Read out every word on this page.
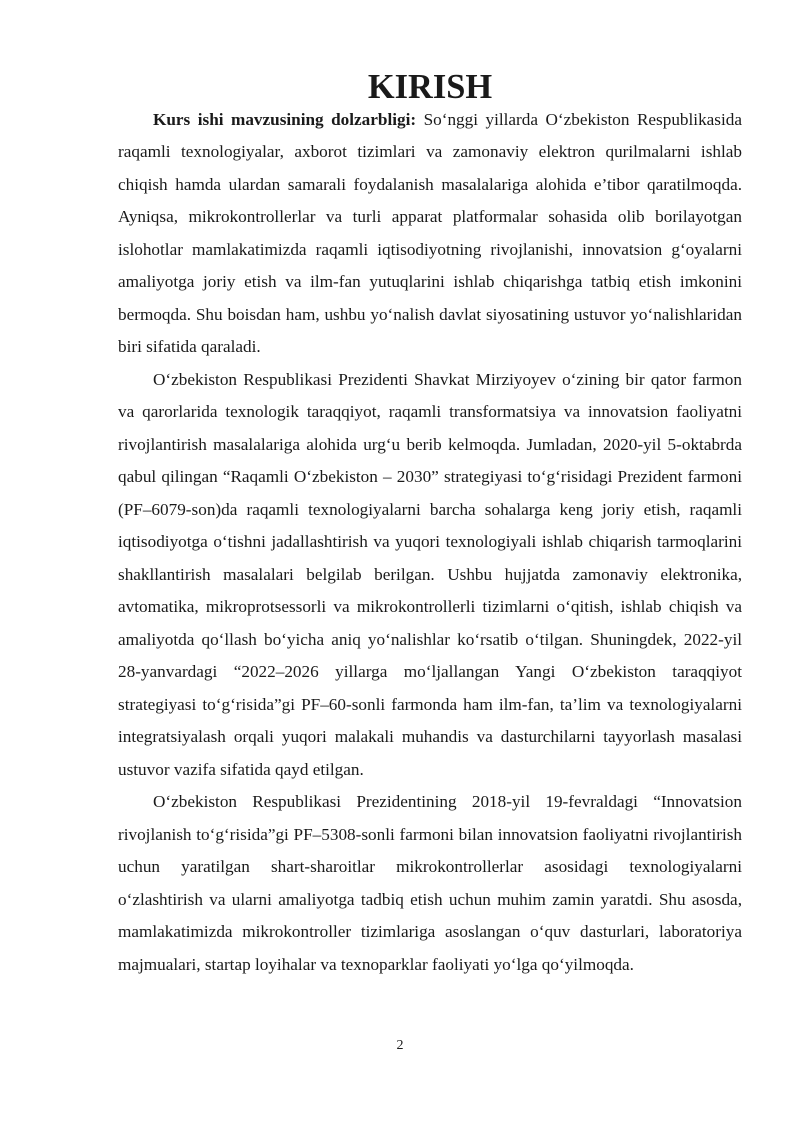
KIRISH

Kurs ishi mavzusining dolzarbligi: So‘nggi yillarda O‘zbekiston Respublikasida raqamli texnologiyalar, axborot tizimlari va zamonaviy elektron qurilmalarni ishlab chiqish hamda ulardan samarali foydalanish masalalariga alohida e’tibor qaratilmoqda. Ayniqsa, mikrokontrollerlar va turli apparat platformalar sohasida olib borilayotgan islohotlar mamlakatimizda raqamli iqtisodiyotning rivojlanishi, innovatsion g‘oyalarni amaliyotga joriy etish va ilm-fan yutuqlarini ishlab chiqarishga tatbiq etish imkonini bermoqda. Shu boisdan ham, ushbu yo‘nalish davlat siyosatining ustuvor yo‘nalishlaridan biri sifatida qaraladi.

O‘zbekiston Respublikasi Prezidenti Shavkat Mirziyoyev o‘zining bir qator farmon va qarorlarida texnologik taraqqiyot, raqamli transformatsiya va innovatsion faoliyatni rivojlantirish masalalariga alohida urg‘u berib kelmoqda. Jumladan, 2020-yil 5-oktabrda qabul qilingan “Raqamli O‘zbekiston – 2030” strategiyasi to‘g‘risidagi Prezident farmoni (PF–6079-son)da raqamli texnologiyalarni barcha sohalarga keng joriy etish, raqamli iqtisodiyotga o‘tishni jadallashtirish va yuqori texnologiyali ishlab chiqarish tarmoqlarini shakllantirish masalalari belgilab berilgan. Ushbu hujjatda zamonaviy elektronika, avtomatika, mikroprotsessorli va mikrokontrollerli tizimlarni o‘qitish, ishlab chiqish va amaliyotda qo‘llash bo‘yicha aniq yo‘nalishlar ko‘rsatib o‘tilgan. Shuningdek, 2022-yil 28-yanvardagi “2022–2026 yillarga mo‘ljallangan Yangi O‘zbekiston taraqqiyot strategiyasi to‘g‘risida”gi PF–60-sonli farmonda ham ilm-fan, ta’lim va texnologiyalarni integratsiyalash orqali yuqori malakali muhandis va dasturchilarni tayyorlash masalasi ustuvor vazifa sifatida qayd etilgan.

O‘zbekiston Respublikasi Prezidentining 2018-yil 19-fevraldagi “Innovatsion rivojlanish to‘g‘risida”gi PF–5308-sonli farmoni bilan innovatsion faoliyatni rivojlantirish uchun yaratilgan shart-sharoitlar mikrokontrollerlar asosidagi texnologiyalarni o‘zlashtirish va ularni amaliyotga tadbiq etish uchun muhim zamin yaratdi. Shu asosda, mamlakatimizda mikrokontroller tizimlariga asoslangan o‘quv dasturlari, laboratoriya majmualari, startap loyihalar va texnoparklar faoliyati yo‘lga qo‘yilmoqda.

2
